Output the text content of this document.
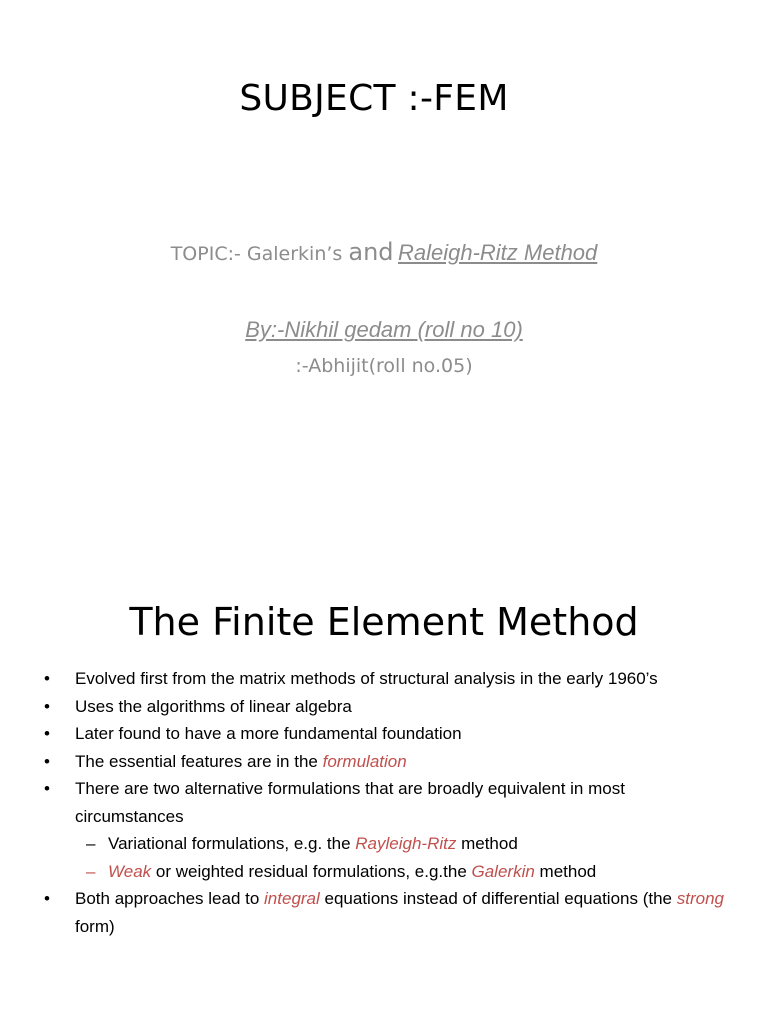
SUBJECT :-FEM
TOPIC:- Galerkin’s and Raleigh-Ritz Method
By:-Nikhil gedam (roll no 10)
:-Abhijit(roll no.05)
The Finite Element Method
• Evolved first from the matrix methods of structural analysis in the early 1960’s
• Uses the algorithms of linear algebra
• Later found to have a more fundamental foundation
• The essential features are in the formulation
• There are two alternative formulations that are broadly equivalent in most circumstances
– Variational formulations, e.g. the Rayleigh-Ritz method
– Weak or weighted residual formulations, e.g.the Galerkin method
• Both approaches lead to integral equations instead of differential equations (the strong form)
